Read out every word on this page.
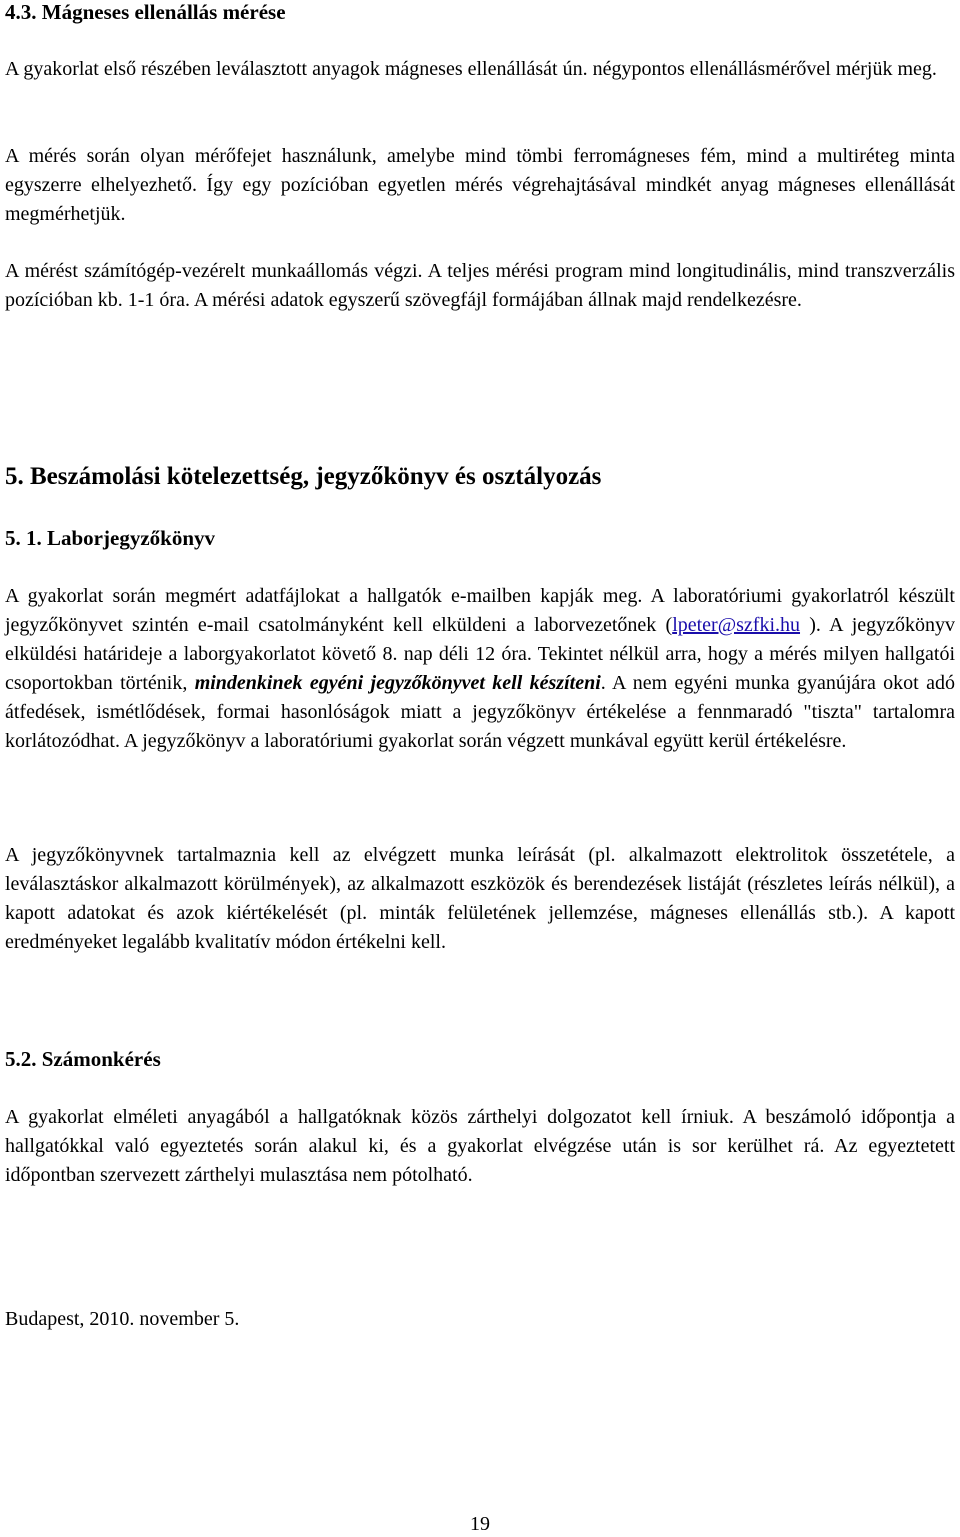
4.3. Mágneses ellenállás mérése

A gyakorlat első részében leválasztott anyagok mágneses ellenállását ún. négypontos ellenállásmérővel mérjük meg.

A mérés során olyan mérőfejet használunk, amelybe mind tömbi ferromágneses fém, mind a multiréteg minta egyszerre elhelyezhető. Így egy pozícióban egyetlen mérés végrehajtásával mindkét anyag mágneses ellenállását megmérhetjük.

A mérést számítógép-vezérelt munkaállomás végzi. A teljes mérési program mind longitudinális, mind transzverzális pozícióban kb. 1-1 óra. A mérési adatok egyszerű szövegfájl formájában állnak majd rendelkezésre.

5. Beszámolási kötelezettség, jegyzőkönyv és osztályozás
5. 1. Laborjegyzőkönyv

A gyakorlat során megmért adatfájlokat a hallgatók e-mailben kapják meg. A laboratóriumi gyakorlatról készült jegyzőkönyvet szintén e-mail csatolmányként kell elküldeni a laborvezetőnek (lpeter@szfki.hu ). A jegyzőkönyv elküldési határideje a laborgyakorlatot követő 8. nap déli 12 óra. Tekintet nélkül arra, hogy a mérés milyen hallgatói csoportokban történik, mindenkinek egyéni jegyzőkönyvet kell készíteni. A nem egyéni munka gyanújára okot adó átfedések, ismétlődések, formai hasonlóságok miatt a jegyzőkönyv értékelése a fennmaradó "tiszta" tartalomra korlátozódhat. A jegyzőkönyv a laboratóriumi gyakorlat során végzett munkával együtt kerül értékelésre.

A jegyzőkönyvnek tartalmaznia kell az elvégzett munka leírását (pl. alkalmazott elektrolitok összetétele, a leválasztáskor alkalmazott körülmények), az alkalmazott eszközök és berendezések listáját (részletes leírás nélkül), a kapott adatokat és azok kiértékelését (pl. minták felületének jellemzése, mágneses ellenállás stb.). A kapott eredményeket legalább kvalitatív módon értékelni kell.

5.2. Számonkérés

A gyakorlat elméleti anyagából a hallgatóknak közös zárthelyi dolgozatot kell írniuk. A beszámoló időpontja a hallgatókkal való egyeztetés során alakul ki, és a gyakorlat elvégzése után is sor kerülhet rá. Az egyeztetett időpontban szervezett zárthelyi mulasztása nem pótolható.

Budapest, 2010. november 5.

19
